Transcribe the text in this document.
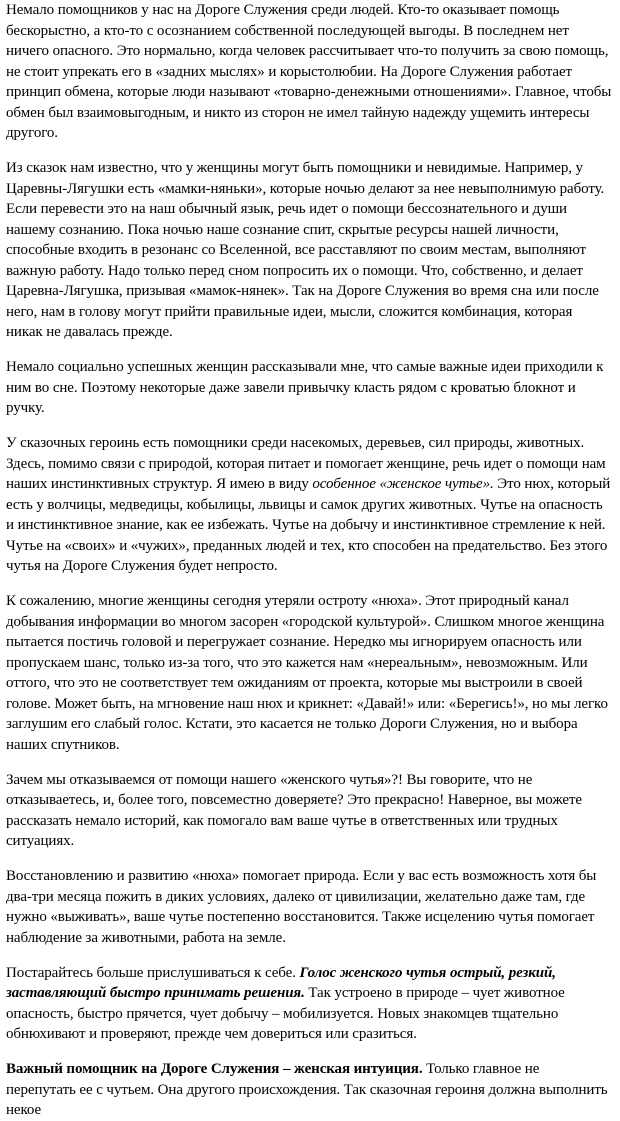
Немало помощников у нас на Дороге Служения среди людей. Кто-то оказывает помощь бескорыстно, а кто-то с осознанием собственной последующей выгоды. В последнем нет ничего опасного. Это нормально, когда человек рассчитывает что-то получить за свою помощь, не стоит упрекать его в «задних мыслях» и корыстолюбии. На Дороге Служения работает принцип обмена, которые люди называют «товарно-денежными отношениями». Главное, чтобы обмен был взаимовыгодным, и никто из сторон не имел тайную надежду ущемить интересы другого.

Из сказок нам известно, что у женщины могут быть помощники и невидимые. Например, у Царевны-Лягушки есть «мамки-няньки», которые ночью делают за нее невыполнимую работу. Если перевести это на наш обычный язык, речь идет о помощи бессознательного и души нашему сознанию. Пока ночью наше сознание спит, скрытые ресурсы нашей личности, способные входить в резонанс со Вселенной, все расставляют по своим местам, выполняют важную работу. Надо только перед сном попросить их о помощи. Что, собственно, и делает Царевна-Лягушка, призывая «мамок-нянек». Так на Дороге Служения во время сна или после него, нам в голову могут прийти правильные идеи, мысли, сложится комбинация, которая никак не давалась прежде.

Немало социально успешных женщин рассказывали мне, что самые важные идеи приходили к ним во сне. Поэтому некоторые даже завели привычку класть рядом с кроватью блокнот и ручку.

У сказочных героинь есть помощники среди насекомых, деревьев, сил природы, животных. Здесь, помимо связи с природой, которая питает и помогает женщине, речь идет о помощи нам наших инстинктивных структур. Я имею в виду особенное «женское чутье». Это нюх, который есть у волчицы, медведицы, кобылицы, львицы и самок других животных. Чутье на опасность и инстинктивное знание, как ее избежать. Чутье на добычу и инстинктивное стремление к ней. Чутье на «своих» и «чужих», преданных людей и тех, кто способен на предательство. Без этого чутья на Дороге Служения будет непросто.

К сожалению, многие женщины сегодня утеряли остроту «нюха». Этот природный канал добывания информации во многом засорен «городской культурой». Слишком многое женщина пытается постичь головой и перегружает сознание. Нередко мы игнорируем опасность или пропускаем шанс, только из-за того, что это кажется нам «нереальным», невозможным. Или оттого, что это не соответствует тем ожиданиям от проекта, которые мы выстроили в своей голове. Может быть, на мгновение наш нюх и крикнет: «Давай!» или: «Берегись!», но мы легко заглушим его слабый голос. Кстати, это касается не только Дороги Служения, но и выбора наших спутников.

Зачем мы отказываемся от помощи нашего «женского чутья»?! Вы говорите, что не отказываетесь, и, более того, повсеместно доверяете? Это прекрасно! Наверное, вы можете рассказать немало историй, как помогало вам ваше чутье в ответственных или трудных ситуациях.

Восстановлению и развитию «нюха» помогает природа. Если у вас есть возможность хотя бы два-три месяца пожить в диких условиях, далеко от цивилизации, желательно даже там, где нужно «выживать», ваше чутье постепенно восстановится. Также исцелению чутья помогает наблюдение за животными, работа на земле.

Постарайтесь больше прислушиваться к себе. Голос женского чутья острый, резкий, заставляющий быстро принимать решения. Так устроено в природе – чует животное опасность, быстро прячется, чует добычу – мобилизуется. Новых знакомцев тщательно обнюхивают и проверяют, прежде чем довериться или сразиться.

Важный помощник на Дороге Служения – женская интуиция. Только главное не перепутать ее с чутьем. Она другого происхождения. Так сказочная героиня должна выполнить некое
